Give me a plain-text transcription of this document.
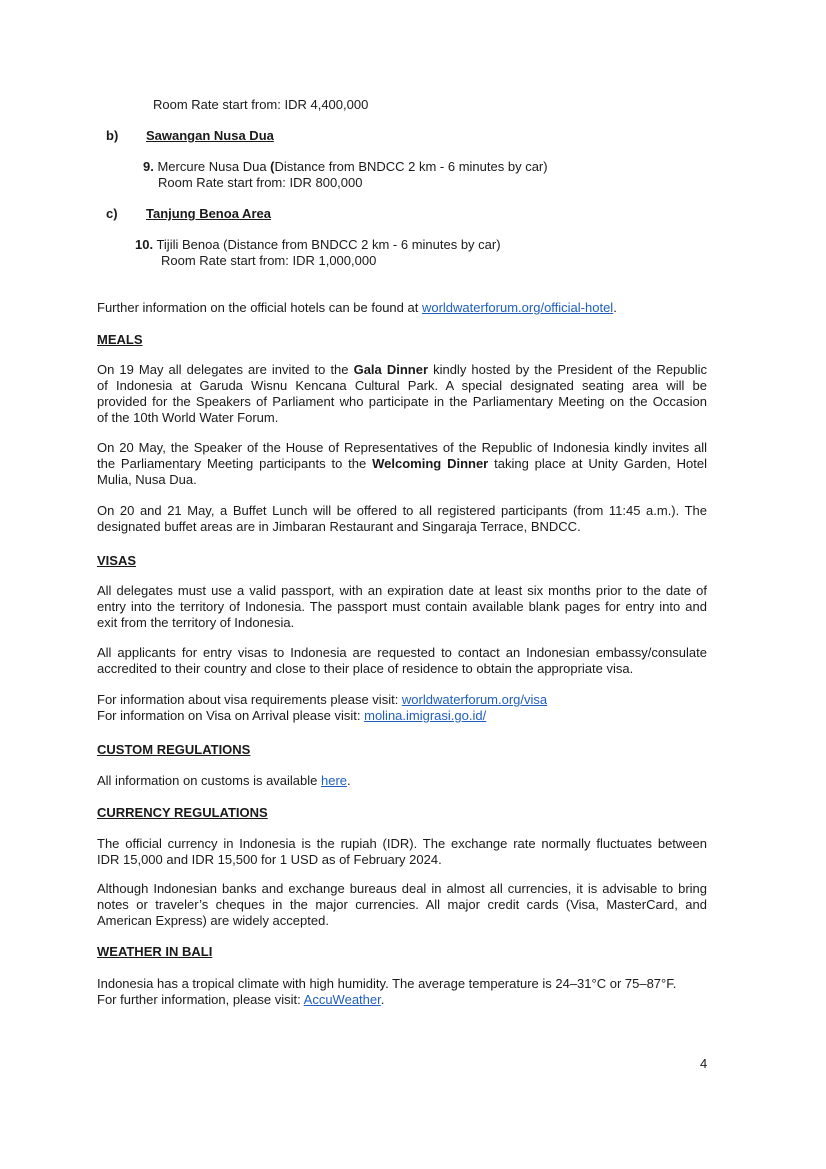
Room Rate start from: IDR 4,400,000
b) Sawangan Nusa Dua
9. Mercure Nusa Dua (Distance from BNDCC 2 km - 6 minutes by car)
Room Rate start from: IDR 800,000
c) Tanjung Benoa Area
10. Tijili Benoa (Distance from BNDCC 2 km - 6 minutes by car)
Room Rate start from: IDR 1,000,000
Further information on the official hotels can be found at worldwaterforum.org/official-hotel.
MEALS
On 19 May all delegates are invited to the Gala Dinner kindly hosted by the President of the Republic
of Indonesia at Garuda Wisnu Kencana Cultural Park. A special designated seating area will be
provided for the Speakers of Parliament who participate in the Parliamentary Meeting on the Occasion
of the 10th World Water Forum.
On 20 May, the Speaker of the House of Representatives of the Republic of Indonesia kindly invites all
the Parliamentary Meeting participants to the Welcoming Dinner taking place at Unity Garden, Hotel
Mulia, Nusa Dua.
On 20 and 21 May, a Buffet Lunch will be offered to all registered participants (from 11:45 a.m.). The
designated buffet areas are in Jimbaran Restaurant and Singaraja Terrace, BNDCC.
VISAS
All delegates must use a valid passport, with an expiration date at least six months prior to the date of
entry into the territory of Indonesia. The passport must contain available blank pages for entry into and
exit from the territory of Indonesia.
All applicants for entry visas to Indonesia are requested to contact an Indonesian embassy/consulate
accredited to their country and close to their place of residence to obtain the appropriate visa.
For information about visa requirements please visit: worldwaterforum.org/visa
For information on Visa on Arrival please visit: molina.imigrasi.go.id/
CUSTOM REGULATIONS
All information on customs is available here.
CURRENCY REGULATIONS
The official currency in Indonesia is the rupiah (IDR). The exchange rate normally fluctuates between
IDR 15,000 and IDR 15,500 for 1 USD as of February 2024.
Although Indonesian banks and exchange bureaus deal in almost all currencies, it is advisable to bring
notes or traveler’s cheques in the major currencies. All major credit cards (Visa, MasterCard, and
American Express) are widely accepted.
WEATHER IN BALI
Indonesia has a tropical climate with high humidity. The average temperature is 24–31°C or 75–87°F.
For further information, please visit: AccuWeather.
4
